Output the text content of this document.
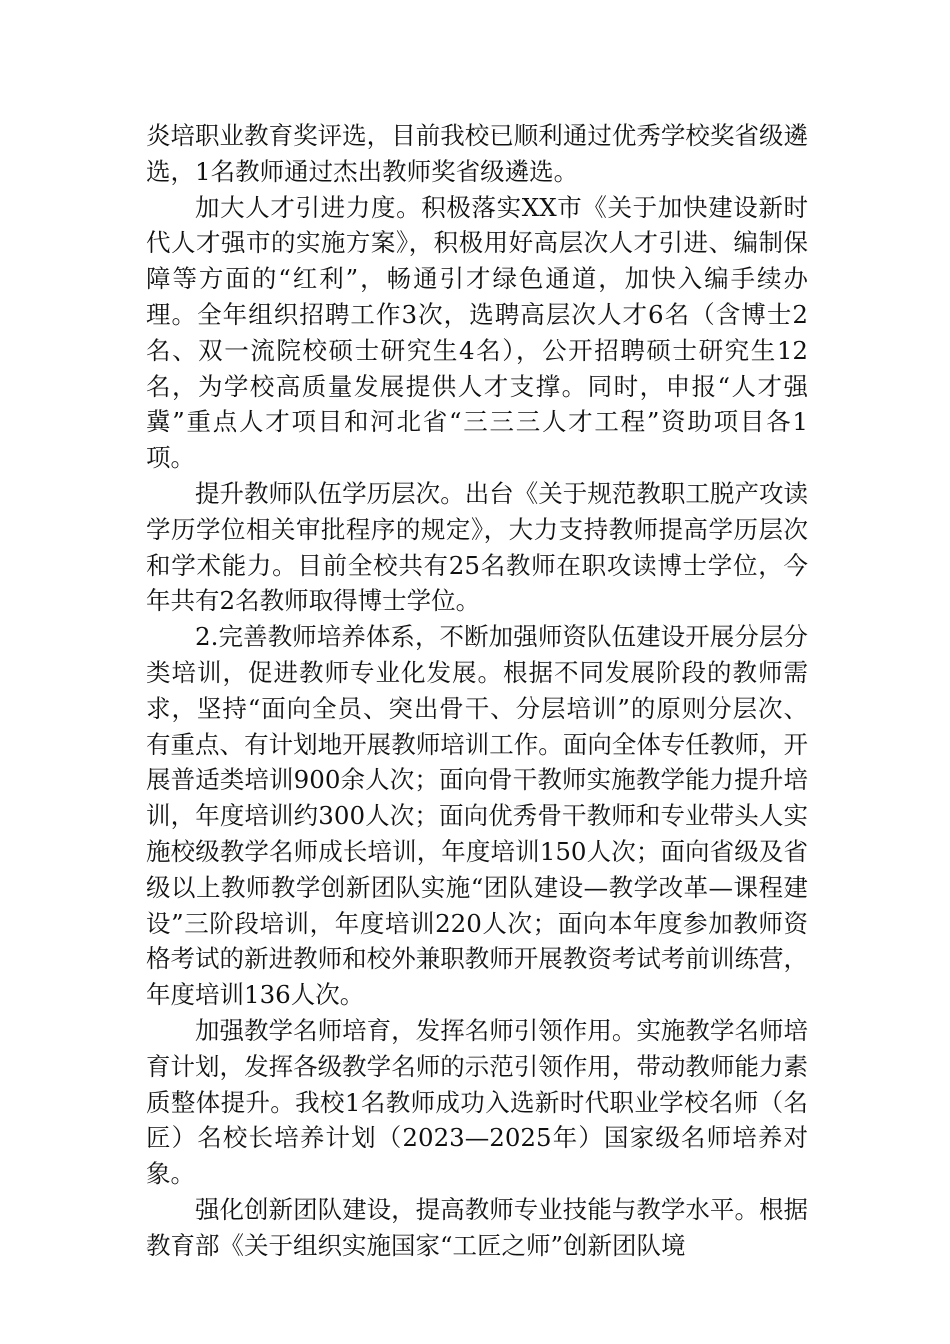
炎培职业教育奖评选，目前我校已顺利通过优秀学校奖省级遴选，1名教师通过杰出教师奖省级遴选。

加大人才引进力度。积极落实XX市《关于加快建设新时代人才强市的实施方案》，积极用好高层次人才引进、编制保障等方面的“红利”，畅通引才绿色通道，加快入编手续办理。全年组织招聘工作3次，选聘高层次人才6名（含博士2名、双一流院校硕士研究生4名），公开招聘硕士研究生12名，为学校高质量发展提供人才支撑。同时，申报“人才强冀”重点人才项目和河北省“三三三人才工程”资助项目各1项。

提升教师队伍学历层次。出台《关于规范教职工脱产攻读学历学位相关审批程序的规定》，大力支持教师提高学历层次和学术能力。目前全校共有25名教师在职攻读博士学位，今年共有2名教师取得博士学位。

2.完善教师培养体系，不断加强师资队伍建设开展分层分类培训，促进教师专业化发展。根据不同发展阶段的教师需求，坚持“面向全员、突出骨干、分层培训”的原则分层次、有重点、有计划地开展教师培训工作。面向全体专任教师，开展普适类培训900余人次；面向骨干教师实施教学能力提升培训，年度培训约300人次；面向优秀骨干教师和专业带头人实施校级教学名师成长培训，年度培训150人次；面向省级及省级以上教师教学创新团队实施“团队建设—教学改革—课程建设”三阶段培训，年度培训220人次；面向本年度参加教师资格考试的新进教师和校外兼职教师开展教资考试考前训练营，年度培训136人次。

加强教学名师培育，发挥名师引领作用。实施教学名师培育计划，发挥各级教学名师的示范引领作用，带动教师能力素质整体提升。我校1名教师成功入选新时代职业学校名师（名匠）名校长培养计划（2023—2025年）国家级名师培养对象。

强化创新团队建设，提高教师专业技能与教学水平。根据教育部《关于组织实施国家“工匠之师”创新团队境
